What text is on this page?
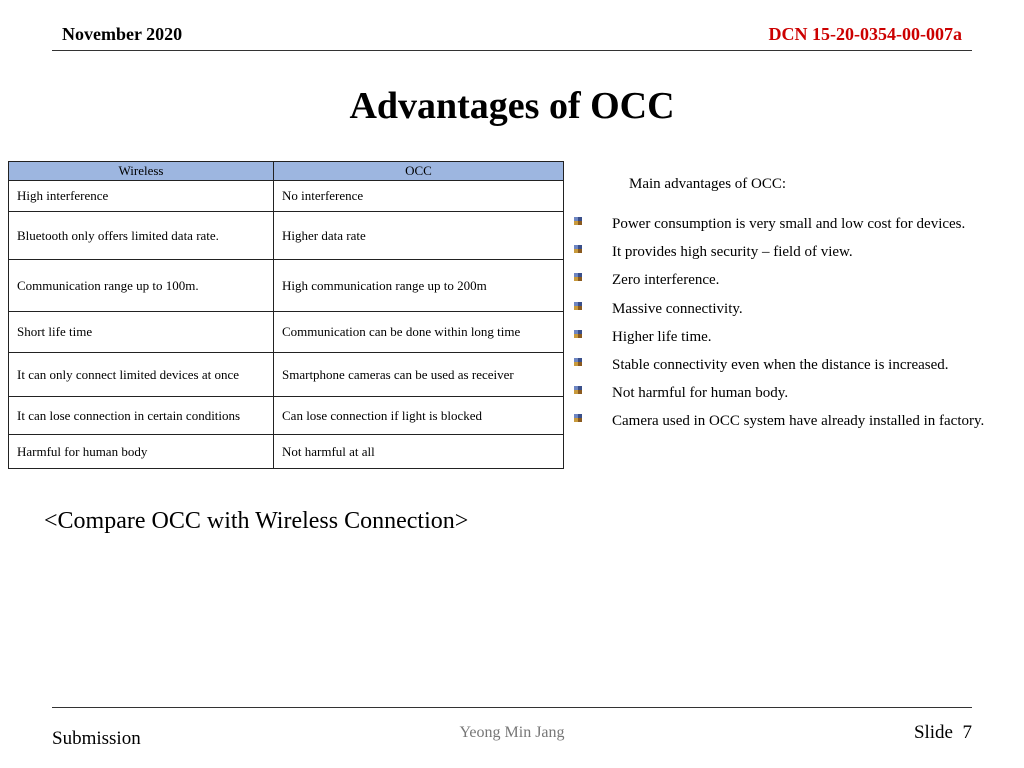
November 2020	DCN 15-20-0354-00-007a
Advantages of OCC
Wireless	OCC
High interference	No interference
Bluetooth only offers limited data rate.	Higher data rate
Communication range up to 100m.	High communication range up to 200m
Short life time	Communication can be done within long time
It can only connect limited devices at once	Smartphone cameras can be used as receiver
It can lose connection in certain conditions	Can lose connection if light is blocked
Harmful for human body	Not harmful at all
<Compare OCC with Wireless Connection>
Main advantages of OCC:
Power consumption is very small and low cost for devices.
It provides high security – field of view.
Zero interference.
Massive connectivity.
Higher life time.
Stable connectivity even when the distance is increased.
Not harmful for human body.
Camera used in OCC system have already installed in factory.
Submission	Yeong Min Jang	Slide 7
